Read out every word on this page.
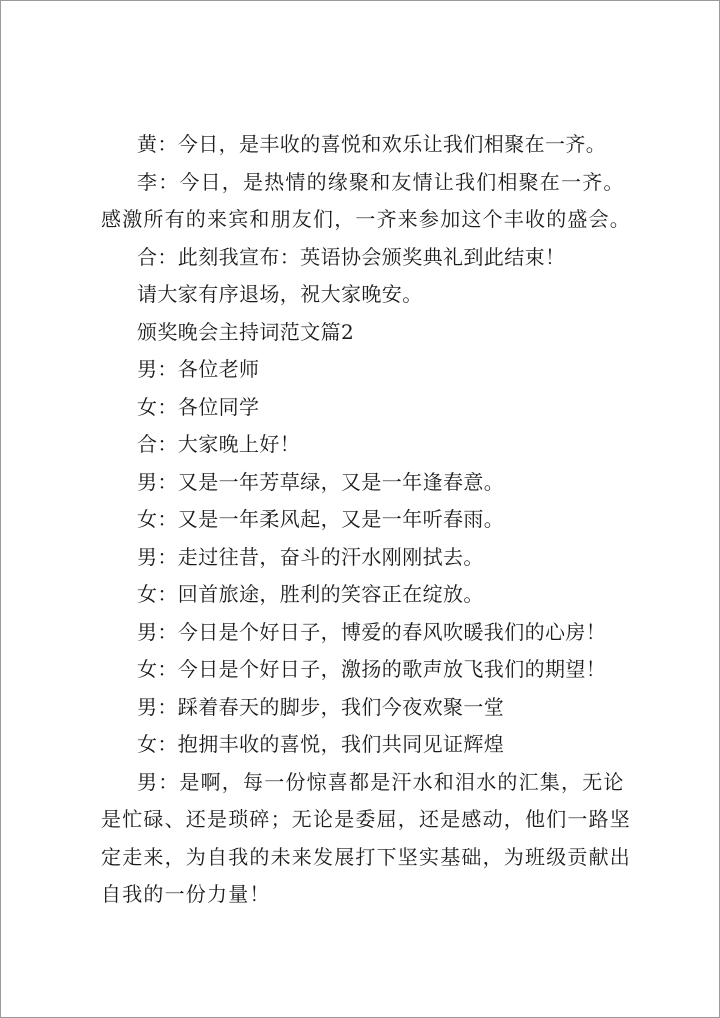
黄：今日，是丰收的喜悦和欢乐让我们相聚在一齐。

李：今日，是热情的缘聚和友情让我们相聚在一齐。感激所有的来宾和朋友们，一齐来参加这个丰收的盛会。

合：此刻我宣布：英语协会颁奖典礼到此结束！

请大家有序退场，祝大家晚安。

颁奖晚会主持词范文篇2

男：各位老师

女：各位同学

合：大家晚上好！

男：又是一年芳草绿，又是一年逢春意。

女：又是一年柔风起，又是一年听春雨。

男：走过往昔，奋斗的汗水刚刚拭去。

女：回首旅途，胜利的笑容正在绽放。

男：今日是个好日子，博爱的春风吹暖我们的心房！

女：今日是个好日子，激扬的歌声放飞我们的期望！

男：踩着春天的脚步，我们今夜欢聚一堂

女：抱拥丰收的喜悦，我们共同见证辉煌

男：是啊，每一份惊喜都是汗水和泪水的汇集，无论是忙碌、还是琐碎；无论是委屈，还是感动，他们一路坚定走来，为自我的未来发展打下坚实基础，为班级贡献出自我的一份力量！
